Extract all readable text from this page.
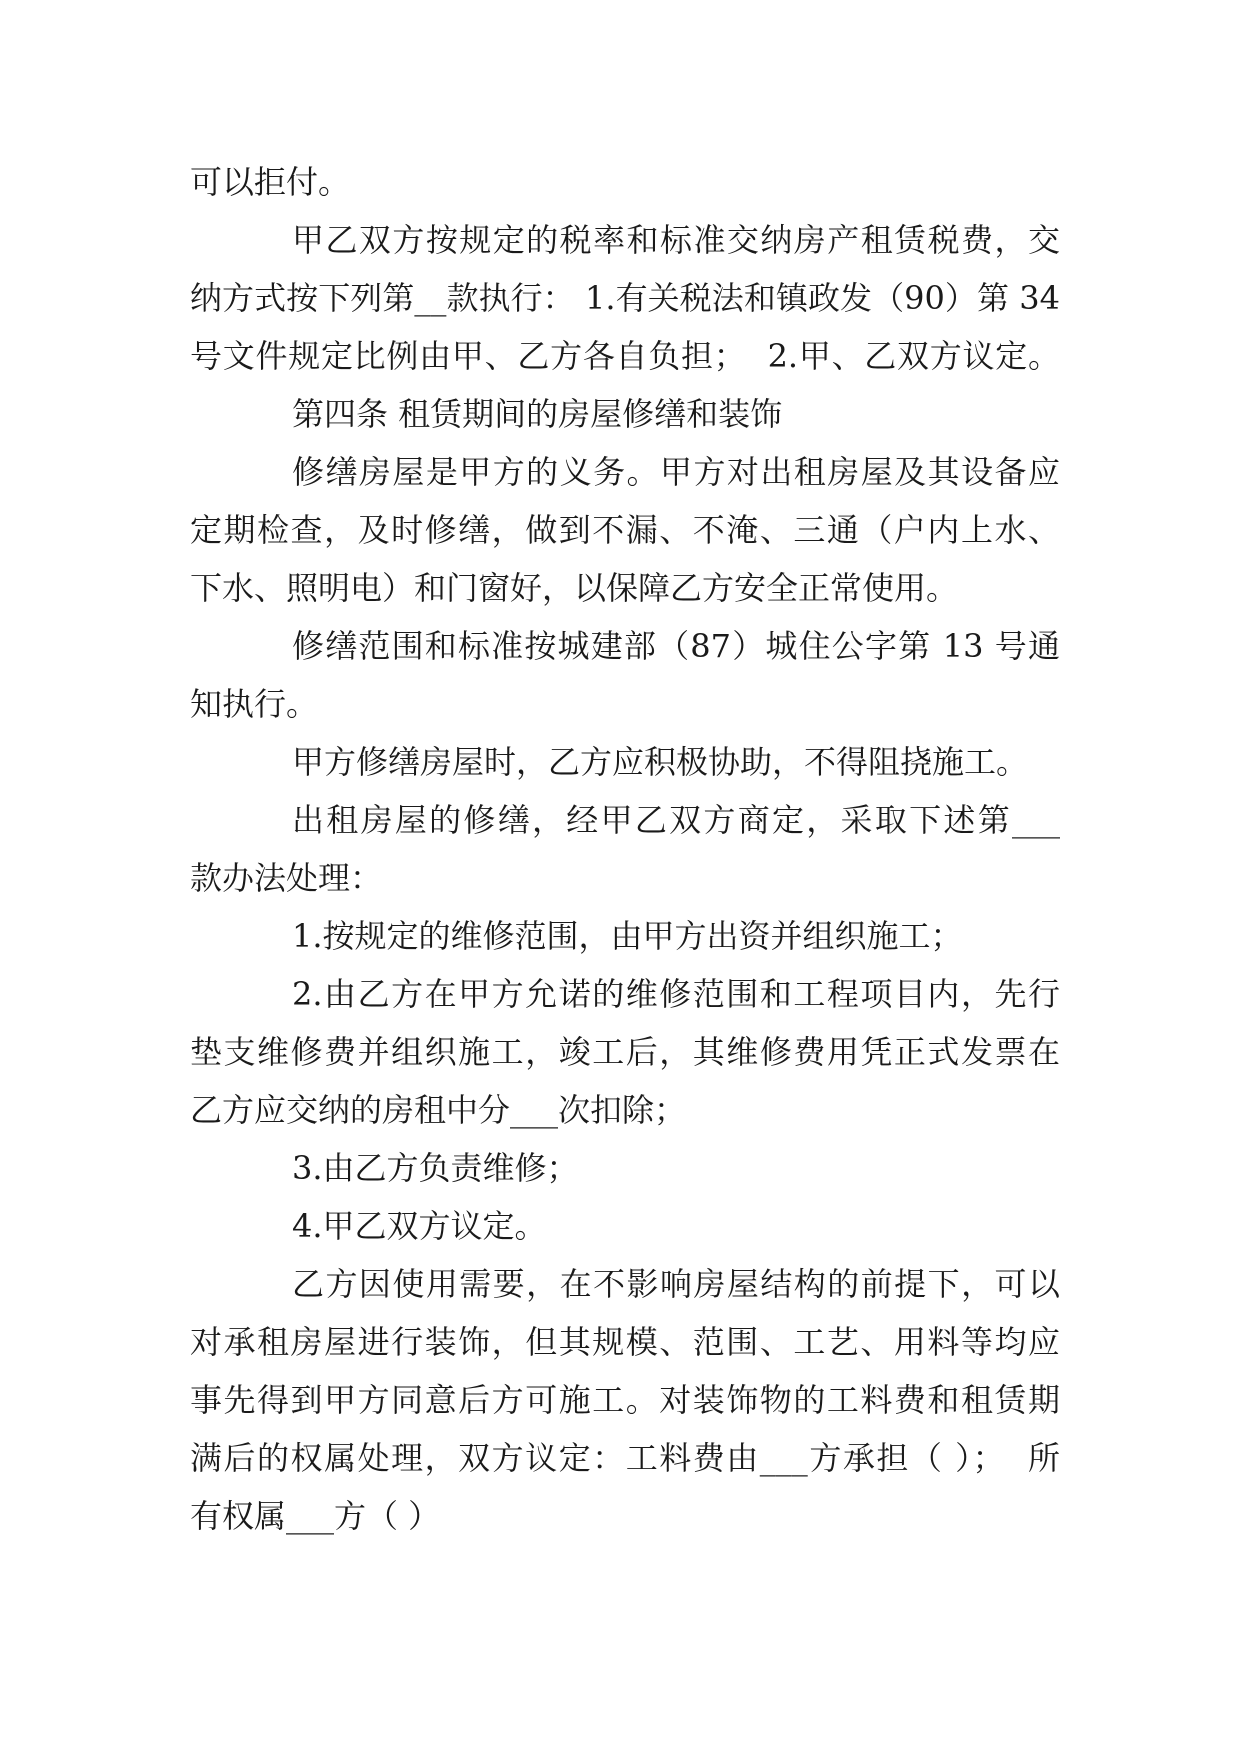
可以拒付。
甲乙双方按规定的税率和标准交纳房产租赁税费，交
纳方式按下列第__款执行： 1.有关税法和镇政发（90）第 34
号文件规定比例由甲、乙方各自负担；  2.甲、乙双方议定。
第四条 租赁期间的房屋修缮和装饰
修缮房屋是甲方的义务。甲方对出租房屋及其设备应
定期检查，及时修缮，做到不漏、不淹、三通（户内上水、
下水、照明电）和门窗好，以保障乙方安全正常使用。
修缮范围和标准按城建部（87）城住公字第 13 号通
知执行。
甲方修缮房屋时，乙方应积极协助，不得阻挠施工。
出租房屋的修缮，经甲乙双方商定，采取下述第___
款办法处理：
1.按规定的维修范围，由甲方出资并组织施工；
2.由乙方在甲方允诺的维修范围和工程项目内，先行
垫支维修费并组织施工，竣工后，其维修费用凭正式发票在
乙方应交纳的房租中分___次扣除；
3.由乙方负责维修；
4.甲乙双方议定。
乙方因使用需要，在不影响房屋结构的前提下，可以
对承租房屋进行装饰，但其规模、范围、工艺、用料等均应
事先得到甲方同意后方可施工。对装饰物的工料费和租赁期
满后的权属处理，双方议定：工料费由___方承担（ ）；  所
有权属___方（ ）
